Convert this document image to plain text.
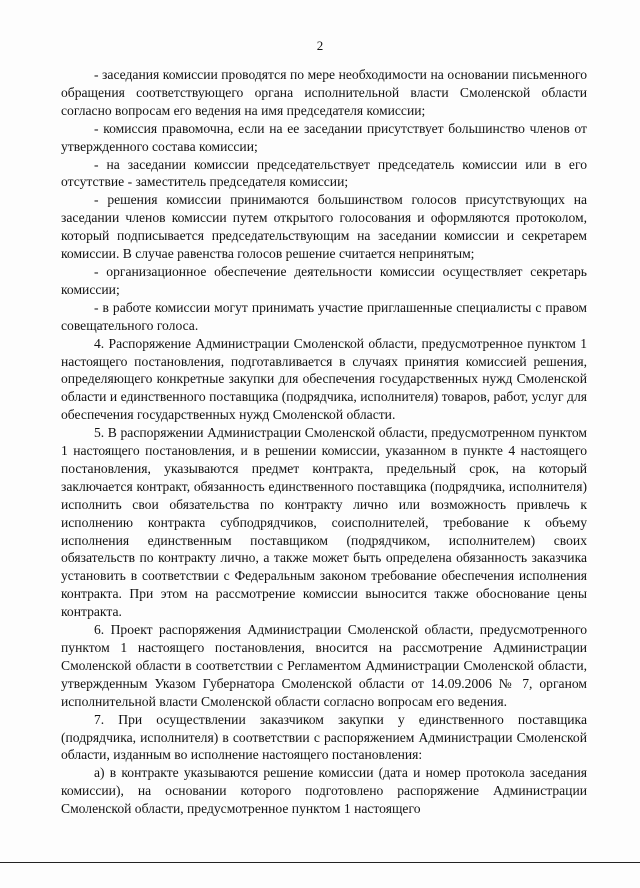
2

- заседания комиссии проводятся по мере необходимости на основании письменного обращения соответствующего органа исполнительной власти Смоленской области согласно вопросам его ведения на имя председателя комиссии;

- комиссия правомочна, если на ее заседании присутствует большинство членов от утвержденного состава комиссии;

- на заседании комиссии председательствует председатель комиссии или в его отсутствие - заместитель председателя комиссии;

- решения комиссии принимаются большинством голосов присутствующих на заседании членов комиссии путем открытого голосования и оформляются протоколом, который подписывается председательствующим на заседании комиссии и секретарем комиссии. В случае равенства голосов решение считается непринятым;

- организационное обеспечение деятельности комиссии осуществляет секретарь комиссии;

- в работе комиссии могут принимать участие приглашенные специалисты с правом совещательного голоса.

4. Распоряжение Администрации Смоленской области, предусмотренное пунктом 1 настоящего постановления, подготавливается в случаях принятия комиссией решения, определяющего конкретные закупки для обеспечения государственных нужд Смоленской области и единственного поставщика (подрядчика, исполнителя) товаров, работ, услуг для обеспечения государственных нужд Смоленской области.

5. В распоряжении Администрации Смоленской области, предусмотренном пунктом 1 настоящего постановления, и в решении комиссии, указанном в пункте 4 настоящего постановления, указываются предмет контракта, предельный срок, на который заключается контракт, обязанность единственного поставщика (подрядчика, исполнителя) исполнить свои обязательства по контракту лично или возможность привлечь к исполнению контракта субподрядчиков, соисполнителей, требование к объему исполнения единственным поставщиком (подрядчиком, исполнителем) своих обязательств по контракту лично, а также может быть определена обязанность заказчика установить в соответствии с Федеральным законом требование обеспечения исполнения контракта. При этом на рассмотрение комиссии выносится также обоснование цены контракта.

6. Проект распоряжения Администрации Смоленской области, предусмотренного пунктом 1 настоящего постановления, вносится на рассмотрение Администрации Смоленской области в соответствии с Регламентом Администрации Смоленской области, утвержденным Указом Губернатора Смоленской области от 14.09.2006 № 7, органом исполнительной власти Смоленской области согласно вопросам его ведения.

7. При осуществлении заказчиком закупки у единственного поставщика (подрядчика, исполнителя) в соответствии с распоряжением Администрации Смоленской области, изданным во исполнение настоящего постановления:

а) в контракте указываются решение комиссии (дата и номер протокола заседания комиссии), на основании которого подготовлено распоряжение Администрации Смоленской области, предусмотренное пунктом 1 настоящего
